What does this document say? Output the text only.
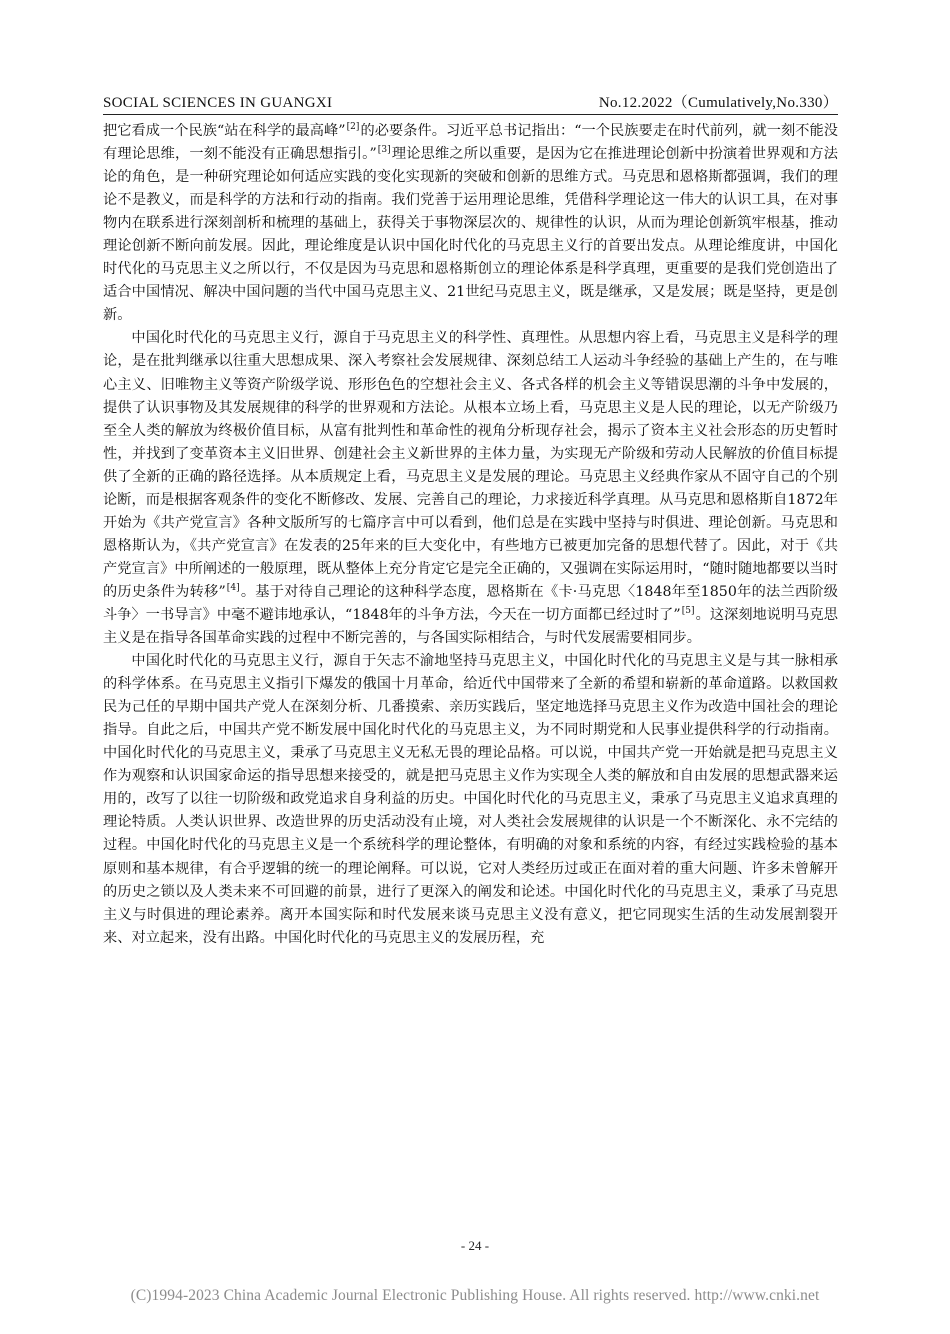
SOCIAL SCIENCES IN GUANGXI	No.12.2022（Cumulatively,No.330）

把它看成一个民族“站在科学的最高峰”[2]的必要条件。习近平总书记指出：“一个民族要走在时代前列，就一刻不能没有理论思维，一刻不能没有正确思想指引。”[3]理论思维之所以重要，是因为它在推进理论创新中扮演着世界观和方法论的角色，是一种研究理论如何适应实践的变化实现新的突破和创新的思维方式。马克思和恩格斯都强调，我们的理论不是教义，而是科学的方法和行动的指南。我们党善于运用理论思维，凭借科学理论这一伟大的认识工具，在对事物内在联系进行深刻剖析和梳理的基础上，获得关于事物深层次的、规律性的认识，从而为理论创新筑牢根基，推动理论创新不断向前发展。因此，理论维度是认识中国化时代化的马克思主义行的首要出发点。从理论维度讲，中国化时代化的马克思主义之所以行，不仅是因为马克思和恩格斯创立的理论体系是科学真理，更重要的是我们党创造出了适合中国情况、解决中国问题的当代中国马克思主义、21世纪马克思主义，既是继承，又是发展；既是坚持，更是创新。

中国化时代化的马克思主义行，源自于马克思主义的科学性、真理性。从思想内容上看，马克思主义是科学的理论，是在批判继承以往重大思想成果、深入考察社会发展规律、深刻总结工人运动斗争经验的基础上产生的，在与唯心主义、旧唯物主义等资产阶级学说、形形色色的空想社会主义、各式各样的机会主义等错误思潮的斗争中发展的，提供了认识事物及其发展规律的科学的世界观和方法论。从根本立场上看，马克思主义是人民的理论，以无产阶级乃至全人类的解放为终极价值目标，从富有批判性和革命性的视角分析现存社会，揭示了资本主义社会形态的历史暂时性，并找到了变革资本主义旧世界、创建社会主义新世界的主体力量，为实现无产阶级和劳动人民解放的价值目标提供了全新的正确的路径选择。从本质规定上看，马克思主义是发展的理论。马克思主义经典作家从不固守自己的个别论断，而是根据客观条件的变化不断修改、发展、完善自己的理论，力求接近科学真理。从马克思和恩格斯自1872年开始为《共产党宣言》各种文版所写的七篇序言中可以看到，他们总是在实践中坚持与时俱进、理论创新。马克思和恩格斯认为，《共产党宣言》在发表的25年来的巨大变化中，有些地方已被更加完备的思想代替了。因此，对于《共产党宣言》中所阐述的一般原理，既从整体上充分肯定它是完全正确的，又强调在实际运用时，“随时随地都要以当时的历史条件为转移”[4]。基于对待自己理论的这种科学态度，恩格斯在《卡·马克思〈1848年至1850年的法兰西阶级斗争〉一书导言》中毫不避讳地承认，“1848年的斗争方法，今天在一切方面都已经过时了”[5]。这深刻地说明马克思主义是在指导各国革命实践的过程中不断完善的，与各国实际相结合，与时代发展需要相同步。

中国化时代化的马克思主义行，源自于矢志不渝地坚持马克思主义，中国化时代化的马克思主义是与其一脉相承的科学体系。在马克思主义指引下爆发的俄国十月革命，给近代中国带来了全新的希望和崭新的革命道路。以救国救民为己任的早期中国共产党人在深刻分析、几番摸索、亲历实践后，坚定地选择马克思主义作为改造中国社会的理论指导。自此之后，中国共产党不断发展中国化时代化的马克思主义，为不同时期党和人民事业提供科学的行动指南。中国化时代化的马克思主义，秉承了马克思主义无私无畏的理论品格。可以说，中国共产党一开始就是把马克思主义作为观察和认识国家命运的指导思想来接受的，就是把马克思主义作为实现全人类的解放和自由发展的思想武器来运用的，改写了以往一切阶级和政党追求自身利益的历史。中国化时代化的马克思主义，秉承了马克思主义追求真理的理论特质。人类认识世界、改造世界的历史活动没有止境，对人类社会发展规律的认识是一个不断深化、永不完结的过程。中国化时代化的马克思主义是一个系统科学的理论整体，有明确的对象和系统的内容，有经过实践检验的基本原则和基本规律，有合乎逻辑的统一的理论阐释。可以说，它对人类经历过或正在面对着的重大问题、许多未曾解开的历史之锁以及人类未来不可回避的前景，进行了更深入的阐发和论述。中国化时代化的马克思主义，秉承了马克思主义与时俱进的理论素养。离开本国实际和时代发展来谈马克思主义没有意义，把它同现实生活的生动发展割裂开来、对立起来，没有出路。中国化时代化的马克思主义的发展历程，充

- 24 -
(C)1994-2023 China Academic Journal Electronic Publishing House. All rights reserved. http://www.cnki.net
